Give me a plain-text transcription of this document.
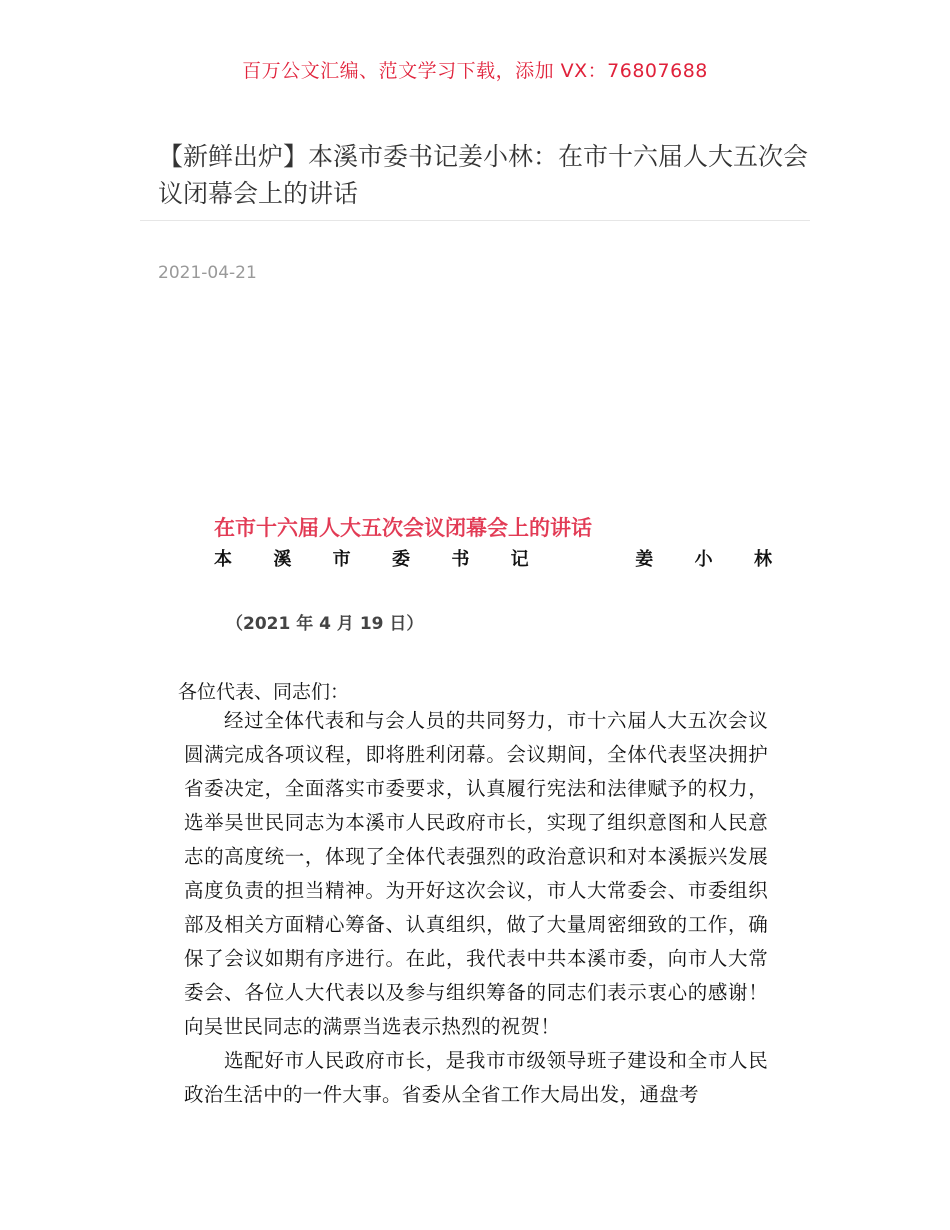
百万公文汇编、范文学习下载，添加 VX：76807688
【新鲜出炉】本溪市委书记姜小林：在市十六届人大五次会议闭幕会上的讲话
2021-04-21
在市十六届人大五次会议闭幕会上的讲话
本 溪 市 委 书 记	姜 小 林
（2021 年 4 月 19 日）
各位代表、同志们：

经过全体代表和与会人员的共同努力，市十六届人大五次会议圆满完成各项议程，即将胜利闭幕。会议期间，全体代表坚决拥护省委决定，全面落实市委要求，认真履行宪法和法律赋予的权力，选举吴世民同志为本溪市人民政府市长，实现了组织意图和人民意志的高度统一，体现了全体代表强烈的政治意识和对本溪振兴发展高度负责的担当精神。为开好这次会议，市人大常委会、市委组织部及相关方面精心筹备、认真组织，做了大量周密细致的工作，确保了会议如期有序进行。在此，我代表中共本溪市委，向市人大常委会、各位人大代表以及参与组织筹备的同志们表示衷心的感谢！向吴世民同志的满票当选表示热烈的祝贺！

选配好市人民政府市长，是我市市级领导班子建设和全市人民政治生活中的一件大事。省委从全省工作大局出发，通盘考
